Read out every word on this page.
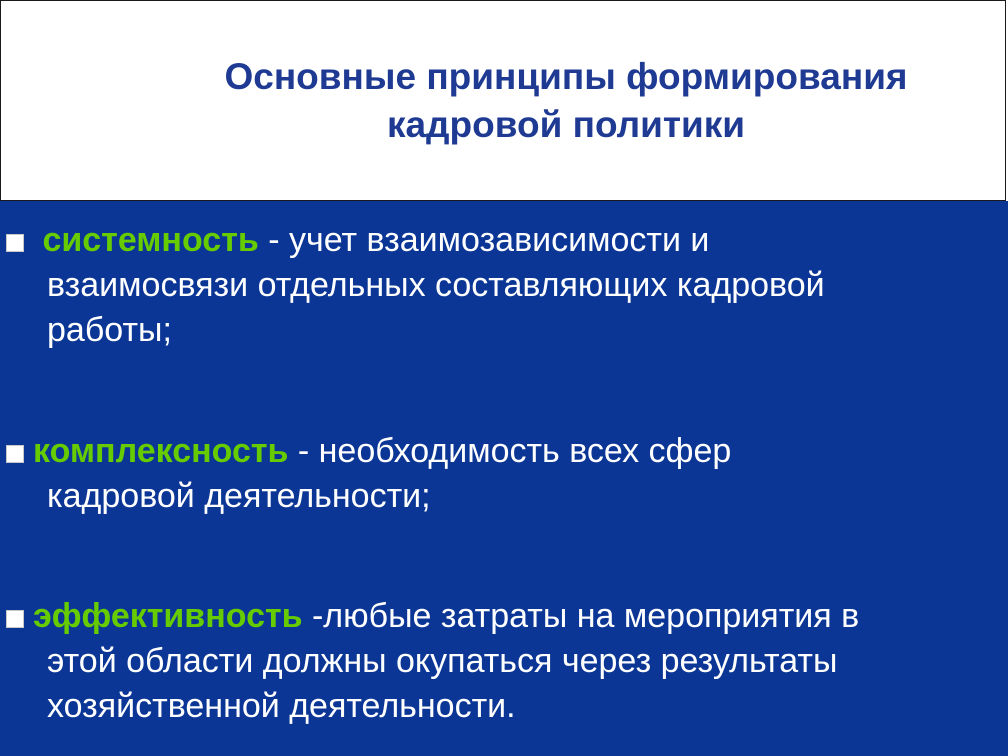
Основные принципы формирования
кадровой политики
системность - учет взаимозависимости и
взаимосвязи отдельных составляющих кадровой
работы;
комплексность - необходимость всех сфер
кадровой деятельности;
эффективность -любые затраты на мероприятия в
этой области должны окупаться через результаты
хозяйственной деятельности.
